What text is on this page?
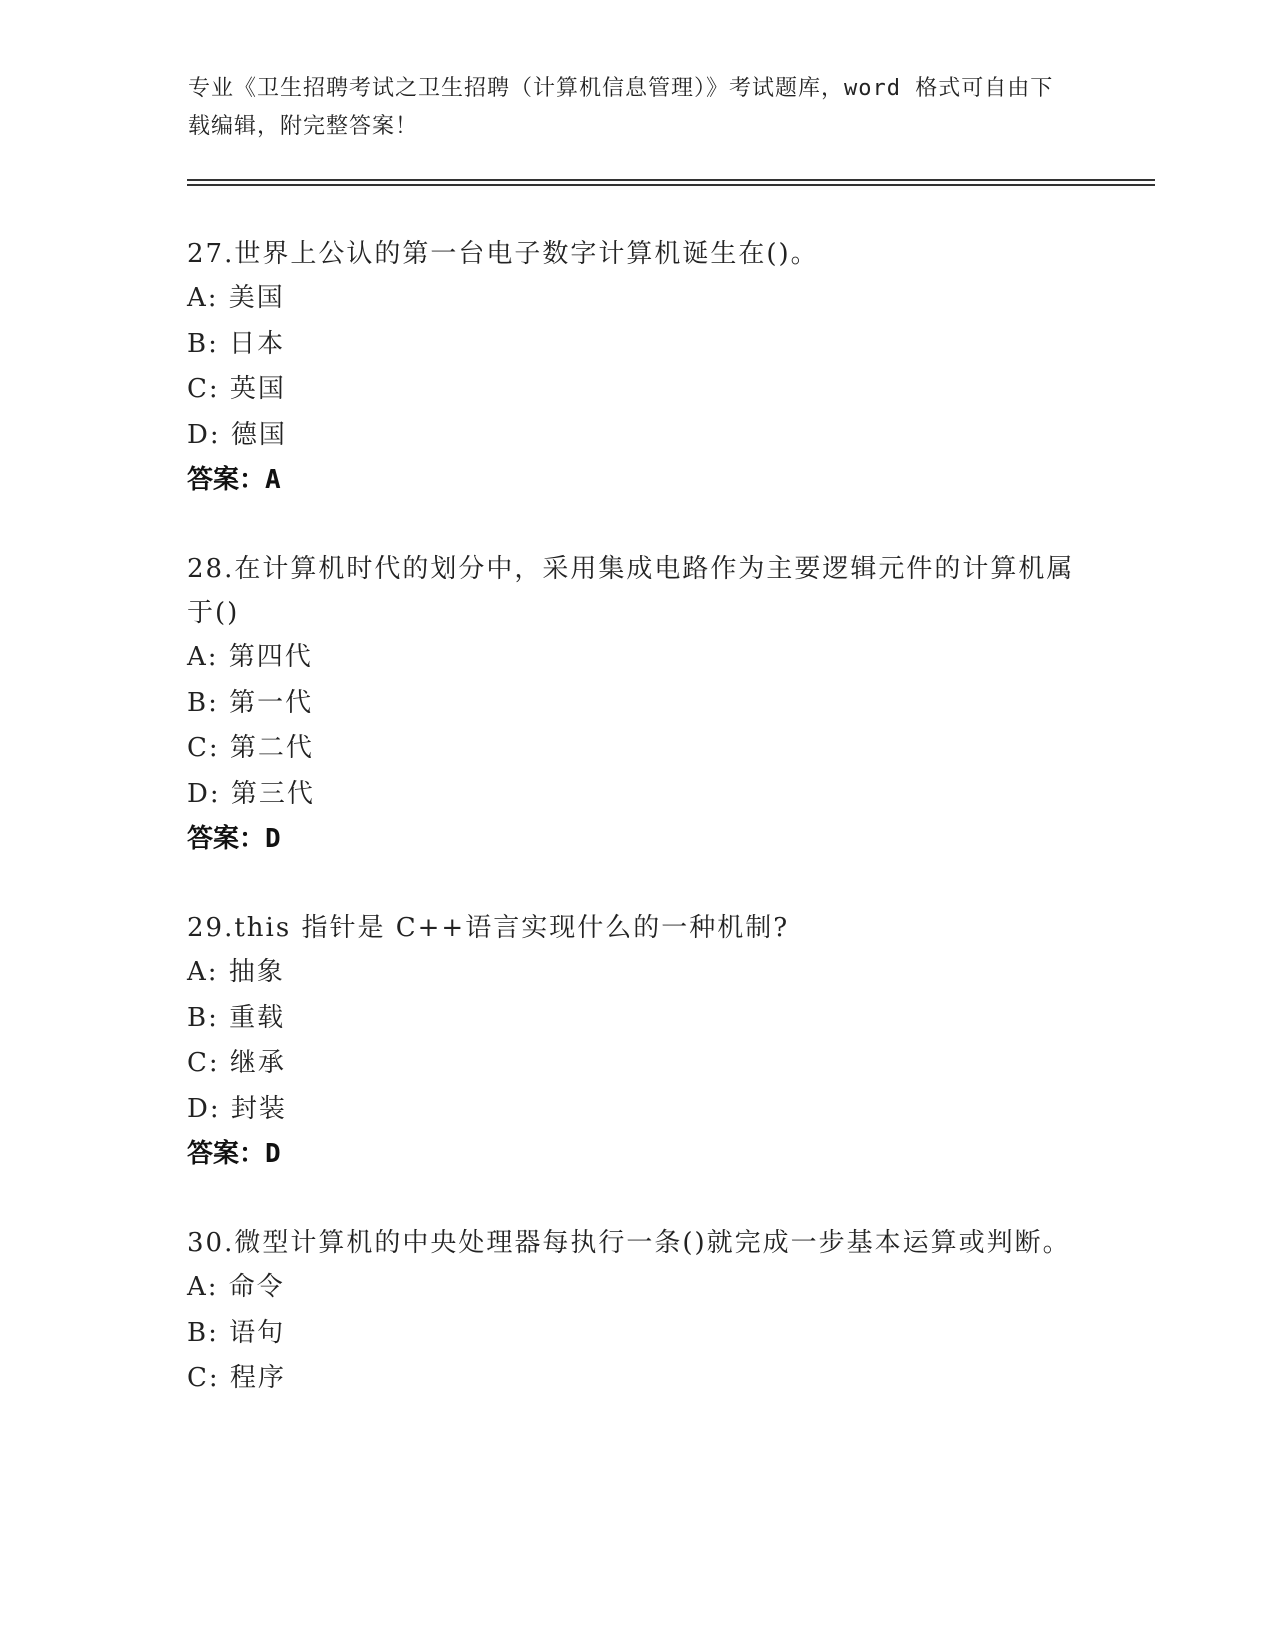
专业《卫生招聘考试之卫生招聘（计算机信息管理）》考试题库，word 格式可自由下载编辑，附完整答案！
27.世界上公认的第一台电子数字计算机诞生在()。
A: 美国
B: 日本
C: 英国
D: 德国
答案：A
28.在计算机时代的划分中，采用集成电路作为主要逻辑元件的计算机属于()
A: 第四代
B: 第一代
C: 第二代
D: 第三代
答案：D
29.this 指针是 C++语言实现什么的一种机制?
A: 抽象
B: 重载
C: 继承
D: 封装
答案：D
30.微型计算机的中央处理器每执行一条()就完成一步基本运算或判断。
A: 命令
B: 语句
C: 程序
